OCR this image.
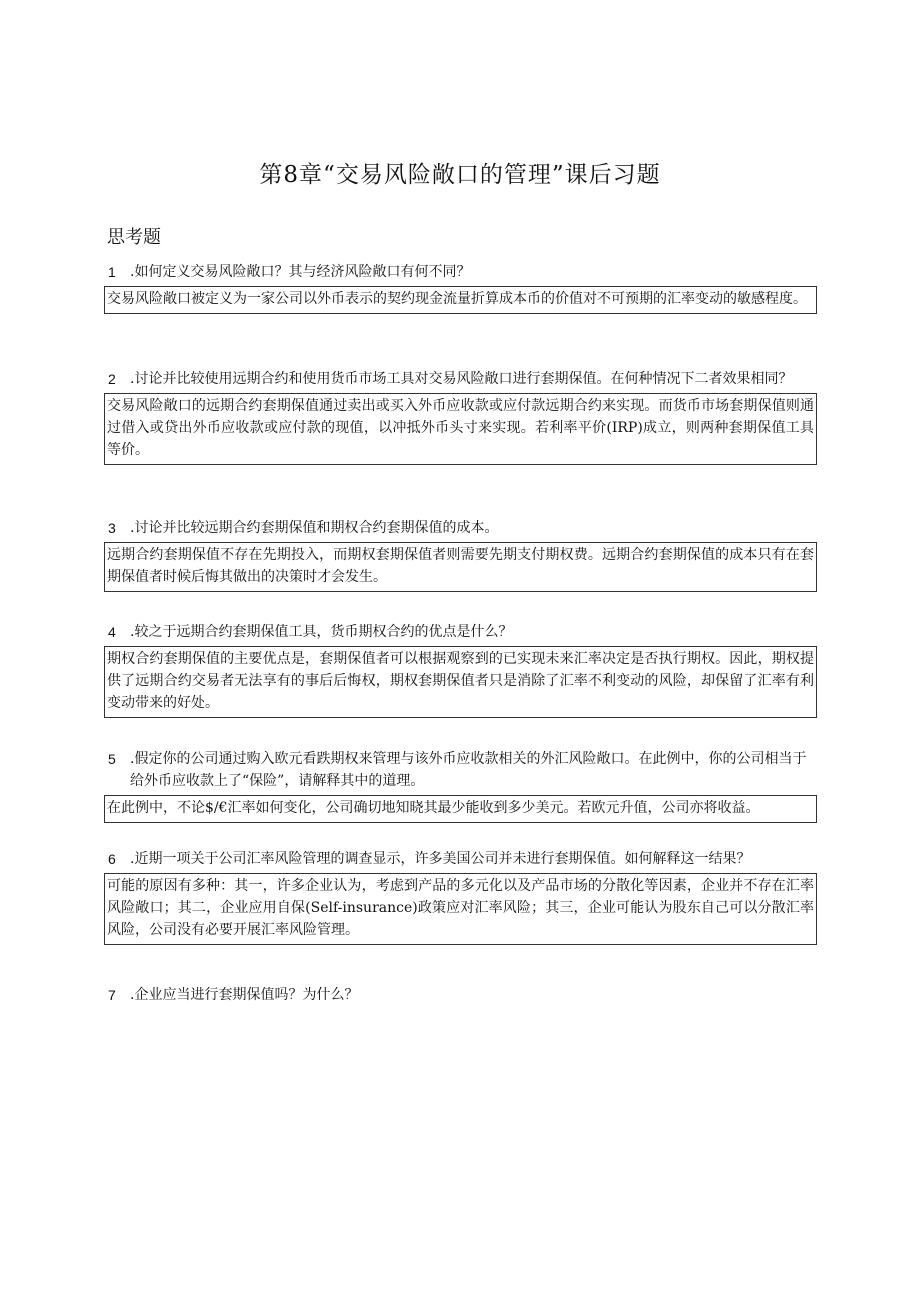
第8章“交易风险敞口的管理”课后习题
思考题
1	.如何定义交易风险敞口？其与经济风险敞口有何不同？
交易风险敞口被定义为一家公司以外币表示的契约现金流量折算成本币的价值对不可预期的汇率变动的敏感程度。
2	.讨论并比较使用远期合约和使用货币市场工具对交易风险敞口进行套期保值。在何种情况下二者效果相同？
交易风险敞口的远期合约套期保值通过卖出或买入外币应收款或应付款远期合约来实现。而货币市场套期保值则通过借入或贷出外币应收款或应付款的现值，以冲抵外币头寸来实现。若利率平价(IRP)成立，则两种套期保值工具等价。
3	.讨论并比较远期合约套期保值和期权合约套期保值的成本。
远期合约套期保值不存在先期投入，而期权套期保值者则需要先期支付期权费。远期合约套期保值的成本只有在套期保值者时候后悔其做出的决策时才会发生。
4	.较之于远期合约套期保值工具，货币期权合约的优点是什么？
期权合约套期保值的主要优点是，套期保值者可以根据观察到的已实现未来汇率决定是否执行期权。因此，期权提供了远期合约交易者无法享有的事后后悔权，期权套期保值者只是消除了汇率不利变动的风险，却保留了汇率有利变动带来的好处。
5	.假定你的公司通过购入欧元看跌期权来管理与该外币应收款相关的外汇风险敞口。在此例中，你的公司相当于给外币应收款上了“保险”，请解释其中的道理。
在此例中，不论$/€汇率如何变化，公司确切地知晓其最少能收到多少美元。若欧元升值，公司亦将收益。
6	.近期一项关于公司汇率风险管理的调查显示，许多美国公司并未进行套期保值。如何解释这一结果？
可能的原因有多种：其一，许多企业认为，考虑到产品的多元化以及产品市场的分散化等因素，企业并不存在汇率风险敞口；其二，企业应用自保(Self-insurance)政策应对汇率风险；其三，企业可能认为股东自己可以分散汇率风险，公司没有必要开展汇率风险管理。
7	.企业应当进行套期保值吗？为什么？
